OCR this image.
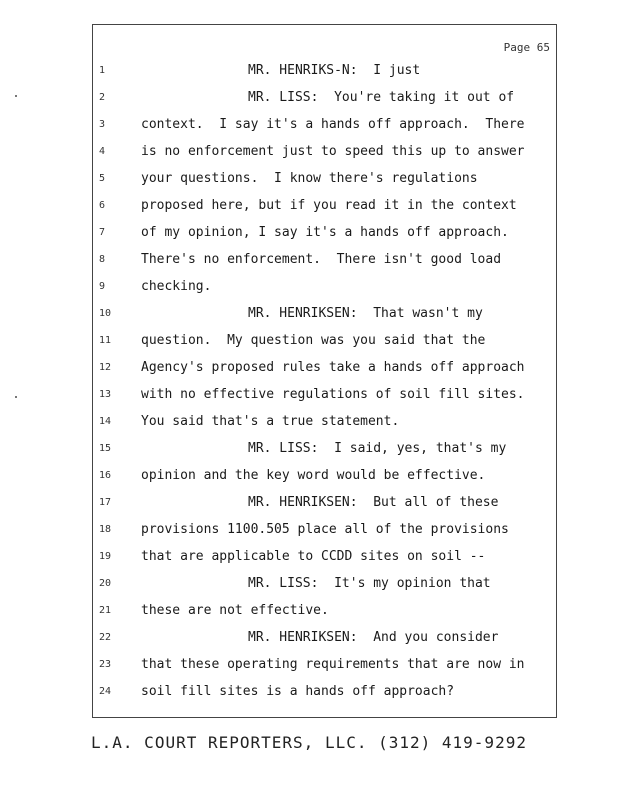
Page 65
1	MR. HENRIKS-N:  I just
2	MR. LISS:  You're taking it out of
3	context.  I say it's a hands off approach.  There
4	is no enforcement just to speed this up to answer
5	your questions.  I know there's regulations
6	proposed here, but if you read it in the context
7	of my opinion, I say it's a hands off approach.
8	There's no enforcement.  There isn't good load
9	checking.
10	MR. HENRIKSEN:  That wasn't my
11	question.  My question was you said that the
12	Agency's proposed rules take a hands off approach
13	with no effective regulations of soil fill sites.
14	You said that's a true statement.
15	MR. LISS:  I said, yes, that's my
16	opinion and the key word would be effective.
17	MR. HENRIKSEN:  But all of these
18	provisions 1100.505 place all of the provisions
19	that are applicable to CCDD sites on soil --
20	MR. LISS:  It's my opinion that
21	these are not effective.
22	MR. HENRIKSEN:  And you consider
23	that these operating requirements that are now in
24	soil fill sites is a hands off approach?
L.A. COURT REPORTERS, LLC. (312) 419-9292
